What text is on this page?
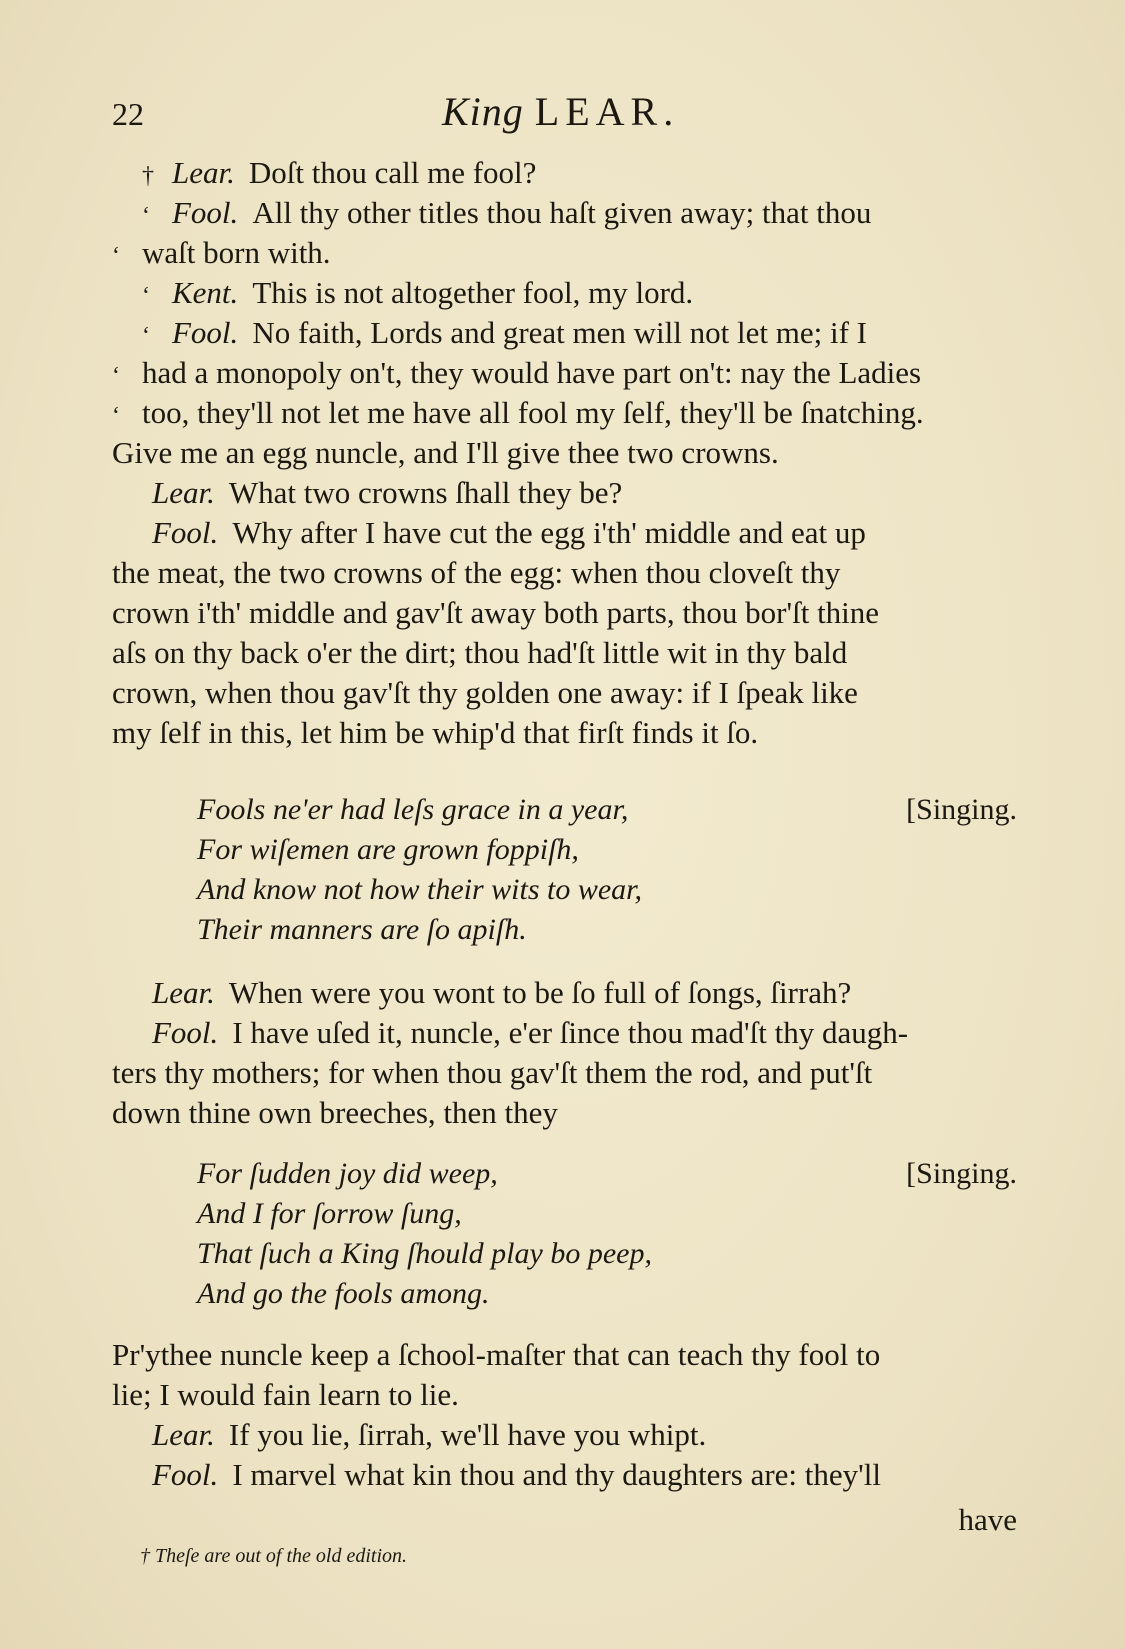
22	King LEAR.
† Lear. Doſt thou call me fool?
‘ Fool. All thy other titles thou haſt given away; that thou
‘ waſt born with.
‘ Kent. This is not altogether fool, my lord.
‘ Fool. No faith, Lords and great men will not let me; if I
‘ had a monopoly on't, they would have part on't: nay the Ladies
‘ too, they'll not let me have all fool my ſelf, they'll be ſnatching.
Give me an egg nuncle, and I'll give thee two crowns.
Lear. What two crowns ſhall they be?
Fool. Why after I have cut the egg i'th' middle and eat up
the meat, the two crowns of the egg: when thou cloveſt thy
crown i'th' middle and gav'ſt away both parts, thou bor'ſt thine
aſs on thy back o'er the dirt; thou had'ſt little wit in thy bald
crown, when thou gav'ſt thy golden one away: if I ſpeak like
my ſelf in this, let him be whip'd that firſt finds it ſo.
Fools ne'er had leſs grace in a year,	[Singing.
For wiſemen are grown foppiſh,
And know not how their wits to wear,
Their manners are ſo apiſh.
Lear. When were you wont to be ſo full of ſongs, ſirrah?
Fool. I have uſed it, nuncle, e'er ſince thou mad'ſt thy daugh-
ters thy mothers; for when thou gav'ſt them the rod, and put'ſt
down thine own breeches, then they
For ſudden joy did weep,	[Singing.
And I for ſorrow ſung,
That ſuch a King ſhould play bo peep,
And go the fools among.
Pr'ythee nuncle keep a ſchool-maſter that can teach thy fool to
lie; I would fain learn to lie.
Lear. If you lie, ſirrah, we'll have you whipt.
Fool. I marvel what kin thou and thy daughters are: they'll
have
† Theſe are out of the old edition.
